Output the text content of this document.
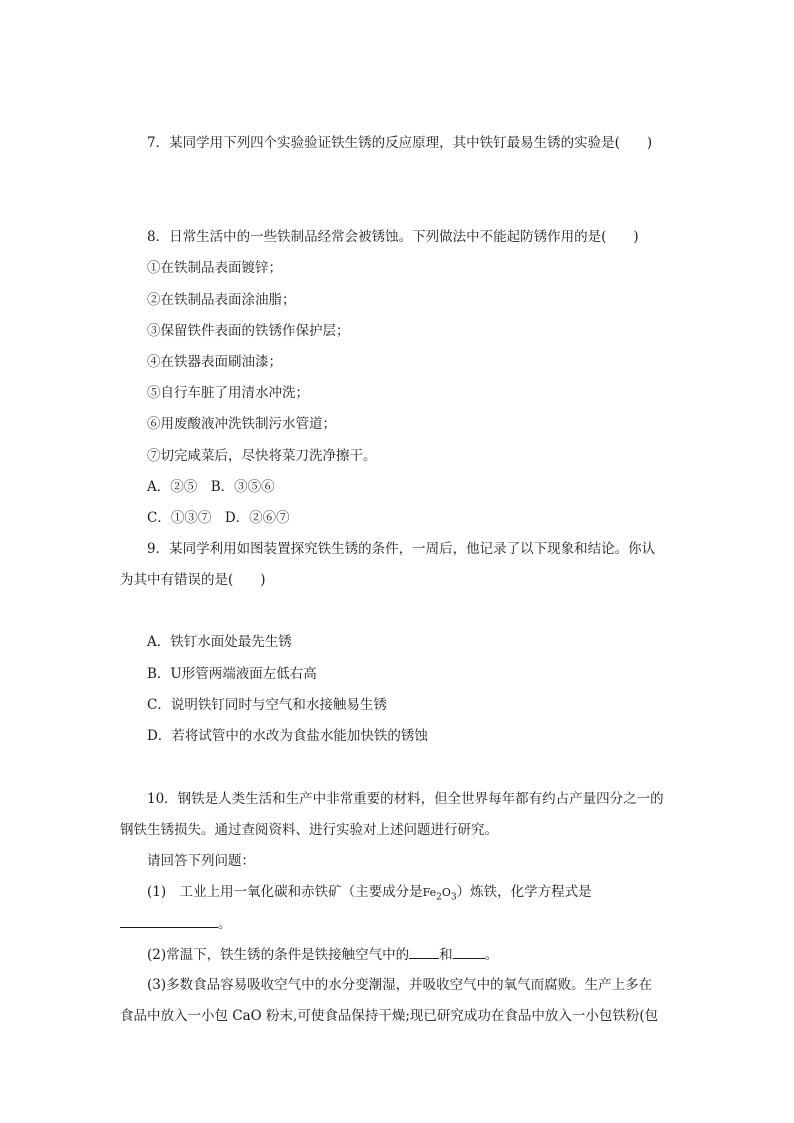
7．某同学用下列四个实验验证铁生锈的反应原理，其中铁钉最易生锈的实验是(　　)
8．日常生活中的一些铁制品经常会被锈蚀。下列做法中不能起防锈作用的是(　　)
①在铁制品表面镀锌；
②在铁制品表面涂油脂；
③保留铁件表面的铁锈作保护层；
④在铁器表面刷油漆；
⑤自行车脏了用清水冲洗；
⑥用废酸液冲洗铁制污水管道；
⑦切完咸菜后，尽快将菜刀洗净擦干。
A．②⑤　B．③⑤⑥
C．①③⑦　D．②⑥⑦
9．某同学利用如图装置探究铁生锈的条件，一周后，他记录了以下现象和结论。你认
为其中有错误的是(　　)
A．铁钉水面处最先生锈
B．U形管两端液面左低右高
C．说明铁钉同时与空气和水接触易生锈
D．若将试管中的水改为食盐水能加快铁的锈蚀
10．钢铁是人类生活和生产中非常重要的材料，但全世界每年都有约占产量四分之一的
钢铁生锈损失。通过查阅资料、进行实验对上述问题进行研究。
请回答下列问题：
(1)　工业上用一氧化碳和赤铁矿（主要成分是$Fe_2O_3$）炼铁，化学方程式是
。
(2)常温下，铁生锈的条件是铁接触空气中的 和 。
(3)多数食品容易吸收空气中的水分变潮湿，并吸收空气中的氧气而腐败。生产上多在
食品中放入一小包 CaO 粉末,可使食品保持干燥;现已研究成功在食品中放入一小包铁粉(包
